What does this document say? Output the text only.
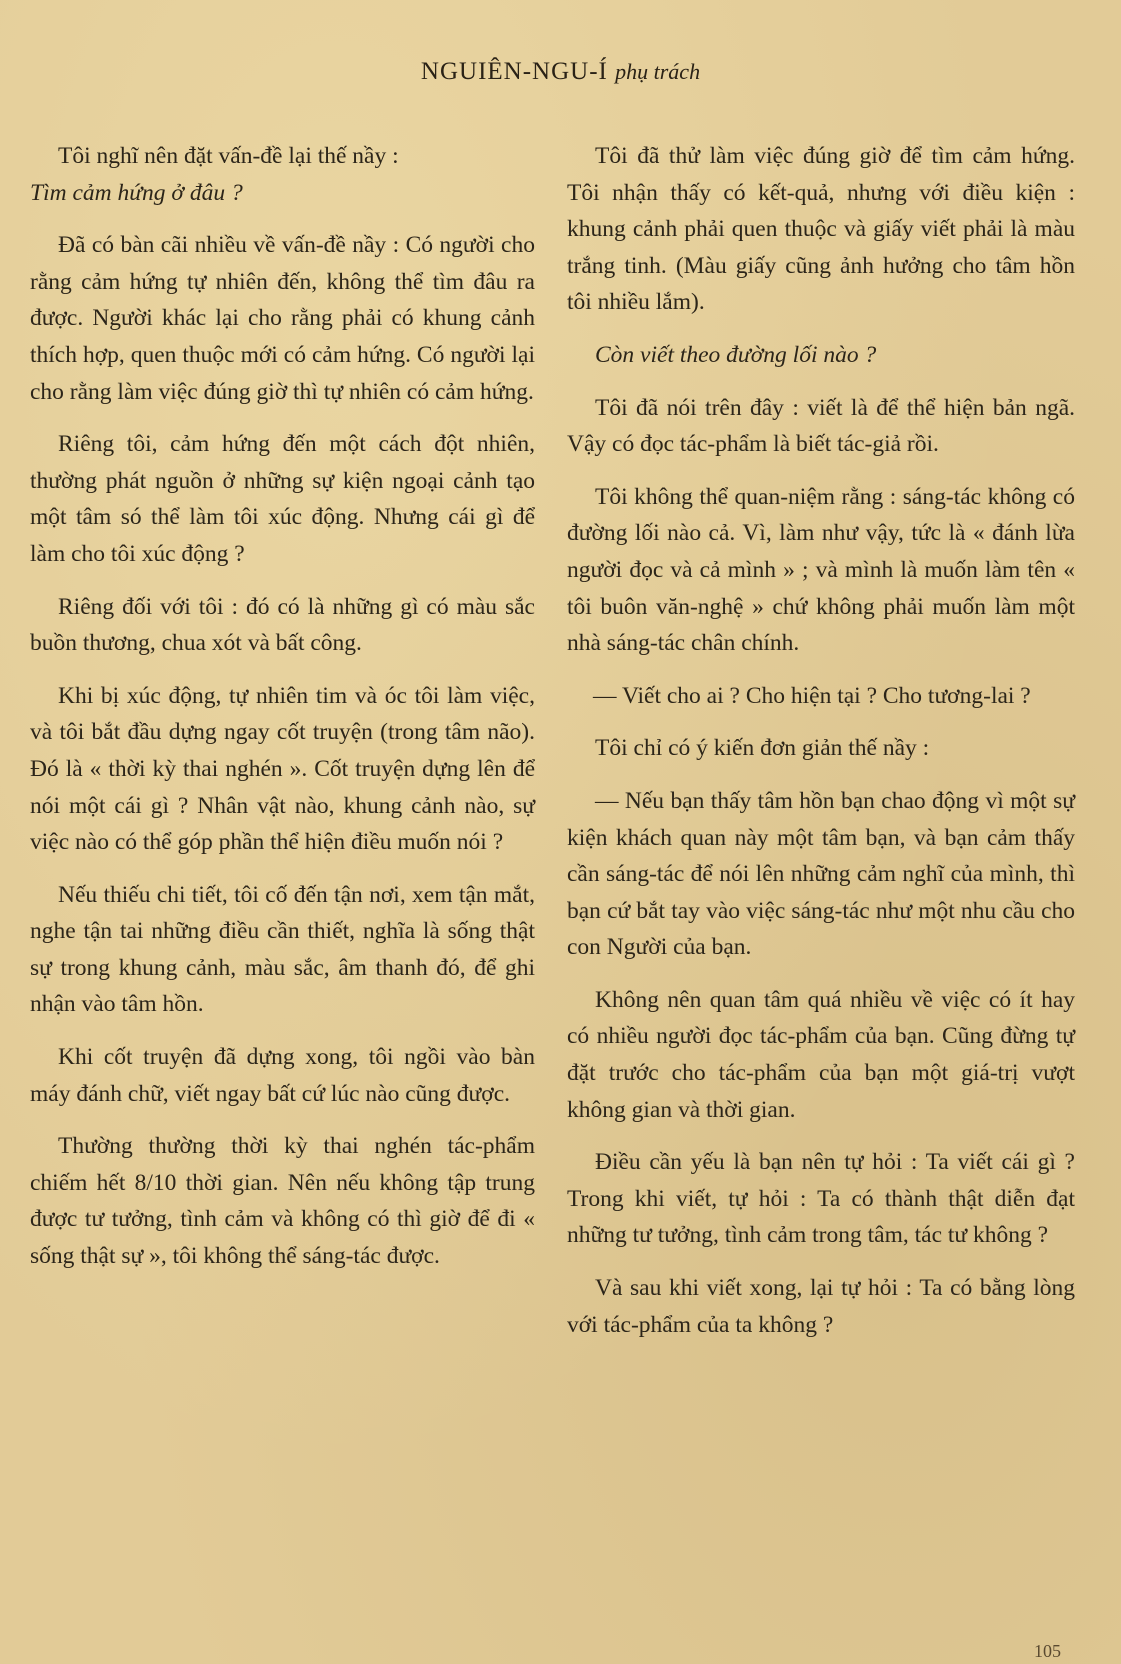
NGUIÊN-NGU-Í phụ trách

Tôi nghĩ nên đặt vấn-đề lại thế nầy :

Tìm cảm hứng ở đâu ?

Đã có bàn cãi nhiều về vấn-đề nầy : Có người cho rằng cảm hứng tự nhiên đến, không thể tìm đâu ra được. Người khác lại cho rằng phải có khung cảnh thích hợp, quen thuộc mới có cảm hứng. Có người lại cho rằng làm việc đúng giờ thì tự nhiên có cảm hứng.

Riêng tôi, cảm hứng đến một cách đột nhiên, thường phát nguồn ở những sự kiện ngoại cảnh tạo một tâm só thể làm tôi xúc động. Nhưng cái gì để làm cho tôi xúc động ?

Riêng đối với tôi : đó có là những gì có màu sắc buồn thương, chua xót và bất công.

Khi bị xúc động, tự nhiên tim và óc tôi làm việc, và tôi bắt đầu dựng ngay cốt truyện (trong tâm não). Đó là « thời kỳ thai nghén ». Cốt truyện dựng lên để nói một cái gì ? Nhân vật nào, khung cảnh nào, sự việc nào có thể góp phần thể hiện điều muốn nói ?

Nếu thiếu chi tiết, tôi cố đến tận nơi, xem tận mắt, nghe tận tai những điều cần thiết, nghĩa là sống thật sự trong khung cảnh, màu sắc, âm thanh đó, để ghi nhận vào tâm hồn.

Khi cốt truyện đã dựng xong, tôi ngồi vào bàn máy đánh chữ, viết ngay bất cứ lúc nào cũng được.

Thường thường thời kỳ thai nghén tác-phẩm chiếm hết 8/10 thời gian. Nên nếu không tập trung được tư tưởng, tình cảm và không có thì giờ để đi « sống thật sự », tôi không thể sáng-tác được.

Tôi đã thử làm việc đúng giờ để tìm cảm hứng. Tôi nhận thấy có kết-quả, nhưng với điều kiện : khung cảnh phải quen thuộc và giấy viết phải là màu trắng tinh. (Màu giấy cũng ảnh hưởng cho tâm hồn tôi nhiều lắm).

Còn viết theo đường lối nào ?

Tôi đã nói trên đây : viết là để thể hiện bản ngã. Vậy có đọc tác-phẩm là biết tác-giả rồi.

Tôi không thể quan-niệm rằng : sáng-tác không có đường lối nào cả. Vì, làm như vậy, tức là « đánh lừa người đọc và cả mình » ; và mình là muốn làm tên « tôi buôn văn-nghệ » chứ không phải muốn làm một nhà sáng-tác chân chính.

— Viết cho ai ? Cho hiện tại ? Cho tương-lai ?

Tôi chỉ có ý kiến đơn giản thế nầy :

— Nếu bạn thấy tâm hồn bạn chao động vì một sự kiện khách quan này một tâm bạn, và bạn cảm thấy cần sáng-tác để nói lên những cảm nghĩ của mình, thì bạn cứ bắt tay vào việc sáng-tác như một nhu cầu cho con Người của bạn.

Không nên quan tâm quá nhiều về việc có ít hay có nhiều người đọc tác-phẩm của bạn. Cũng đừng tự đặt trước cho tác-phẩm của bạn một giá-trị vượt không gian và thời gian.

Điều cần yếu là bạn nên tự hỏi : Ta viết cái gì ? Trong khi viết, tự hỏi : Ta có thành thật diễn đạt những tư tưởng, tình cảm trong tâm, tác tư không ?

Và sau khi viết xong, lại tự hỏi : Ta có bằng lòng với tác-phẩm của ta không ?

105
